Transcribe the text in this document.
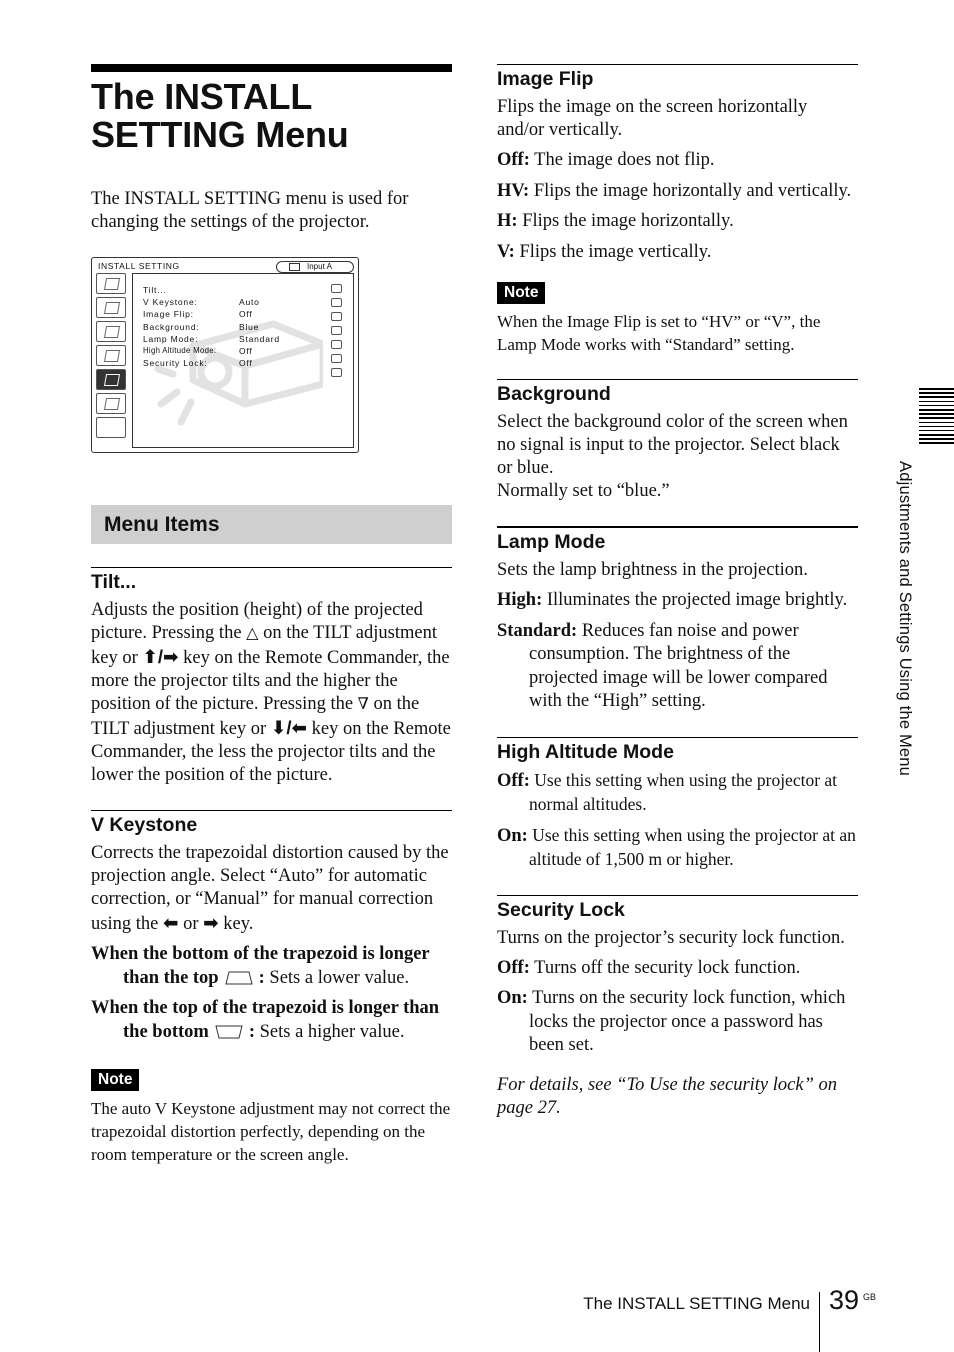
The INSTALL
SETTING Menu

The INSTALL SETTING menu is used for changing the settings of the projector.

INSTALL SETTING	Input A
Tilt...
V Keystone:	Auto
Image Flip:	Off
Background:	Blue
Lamp Mode:	Standard
High Altitude Mode:	Off
Security Lock:	Off
Menu Items
Tilt...

Adjusts the position (height) of the projected picture. Pressing the △ on the TILT adjustment key or ⬆/➡ key on the Remote Commander, the more the projector tilts and the higher the position of the picture. Pressing the ∇ on the TILT adjustment key or ⬇/⬅ key on the Remote Commander, the less the projector tilts and the lower the position of the picture.

V Keystone

Corrects the trapezoidal distortion caused by the projection angle. Select “Auto” for automatic correction, or “Manual” for manual correction using the ⬅ or ➡ key.

When the bottom of the trapezoid is longer than the top : Sets a lower value.
When the top of the trapezoid is longer than the bottom : Sets a higher value.
Note

The auto V Keystone adjustment may not correct the trapezoidal distortion perfectly, depending on the room temperature or the screen angle.

Image Flip

Flips the image on the screen horizontally and/or vertically.

Off: The image does not flip.
HV: Flips the image horizontally and vertically.
H: Flips the image horizontally.
V: Flips the image vertically.
Note

When the Image Flip is set to “HV” or “V”, the Lamp Mode works with “Standard” setting.

Background

Select the background color of the screen when no signal is input to the projector. Select black or blue.

Normally set to “blue.”

Lamp Mode

Sets the lamp brightness in the projection.

High: Illuminates the projected image brightly.
Standard: Reduces fan noise and power consumption. The brightness of the projected image will be lower compared with the “High” setting.
High Altitude Mode
Off: Use this setting when using the projector at normal altitudes.
On: Use this setting when using the projector at an altitude of 1,500 m or higher.
Security Lock

Turns on the projector’s security lock function.

Off: Turns off the security lock function.
On: Turns on the security lock function, which locks the projector once a password has been set.

For details, see “To Use the security lock” on page 27.

Adjustments and Settings Using the Menu
The INSTALL SETTING Menu 39 GB
